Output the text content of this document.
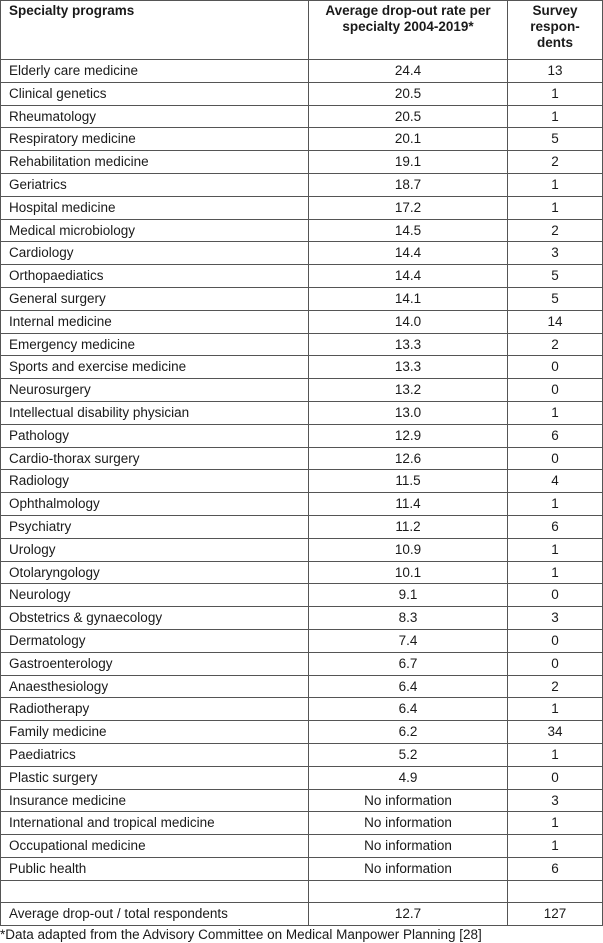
Specialty programs	Average drop-out rate per specialty 2004-2019*	Survey respon-dents
Elderly care medicine	24.4	13
Clinical genetics	20.5	1
Rheumatology	20.5	1
Respiratory medicine	20.1	5
Rehabilitation medicine	19.1	2
Geriatrics	18.7	1
Hospital medicine	17.2	1
Medical microbiology	14.5	2
Cardiology	14.4	3
Orthopaediatics	14.4	5
General surgery	14.1	5
Internal medicine	14.0	14
Emergency medicine	13.3	2
Sports and exercise medicine	13.3	0
Neurosurgery	13.2	0
Intellectual disability physician	13.0	1
Pathology	12.9	6
Cardio-thorax surgery	12.6	0
Radiology	11.5	4
Ophthalmology	11.4	1
Psychiatry	11.2	6
Urology	10.9	1
Otolaryngology	10.1	1
Neurology	9.1	0
Obstetrics & gynaecology	8.3	3
Dermatology	7.4	0
Gastroenterology	6.7	0
Anaesthesiology	6.4	2
Radiotherapy	6.4	1
Family medicine	6.2	34
Paediatrics	5.2	1
Plastic surgery	4.9	0
Insurance medicine	No information	3
International and tropical medicine	No information	1
Occupational medicine	No information	1
Public health	No information	6

Average drop-out / total respondents	12.7	127
*Data adapted from the Advisory Committee on Medical Manpower Planning [28]
